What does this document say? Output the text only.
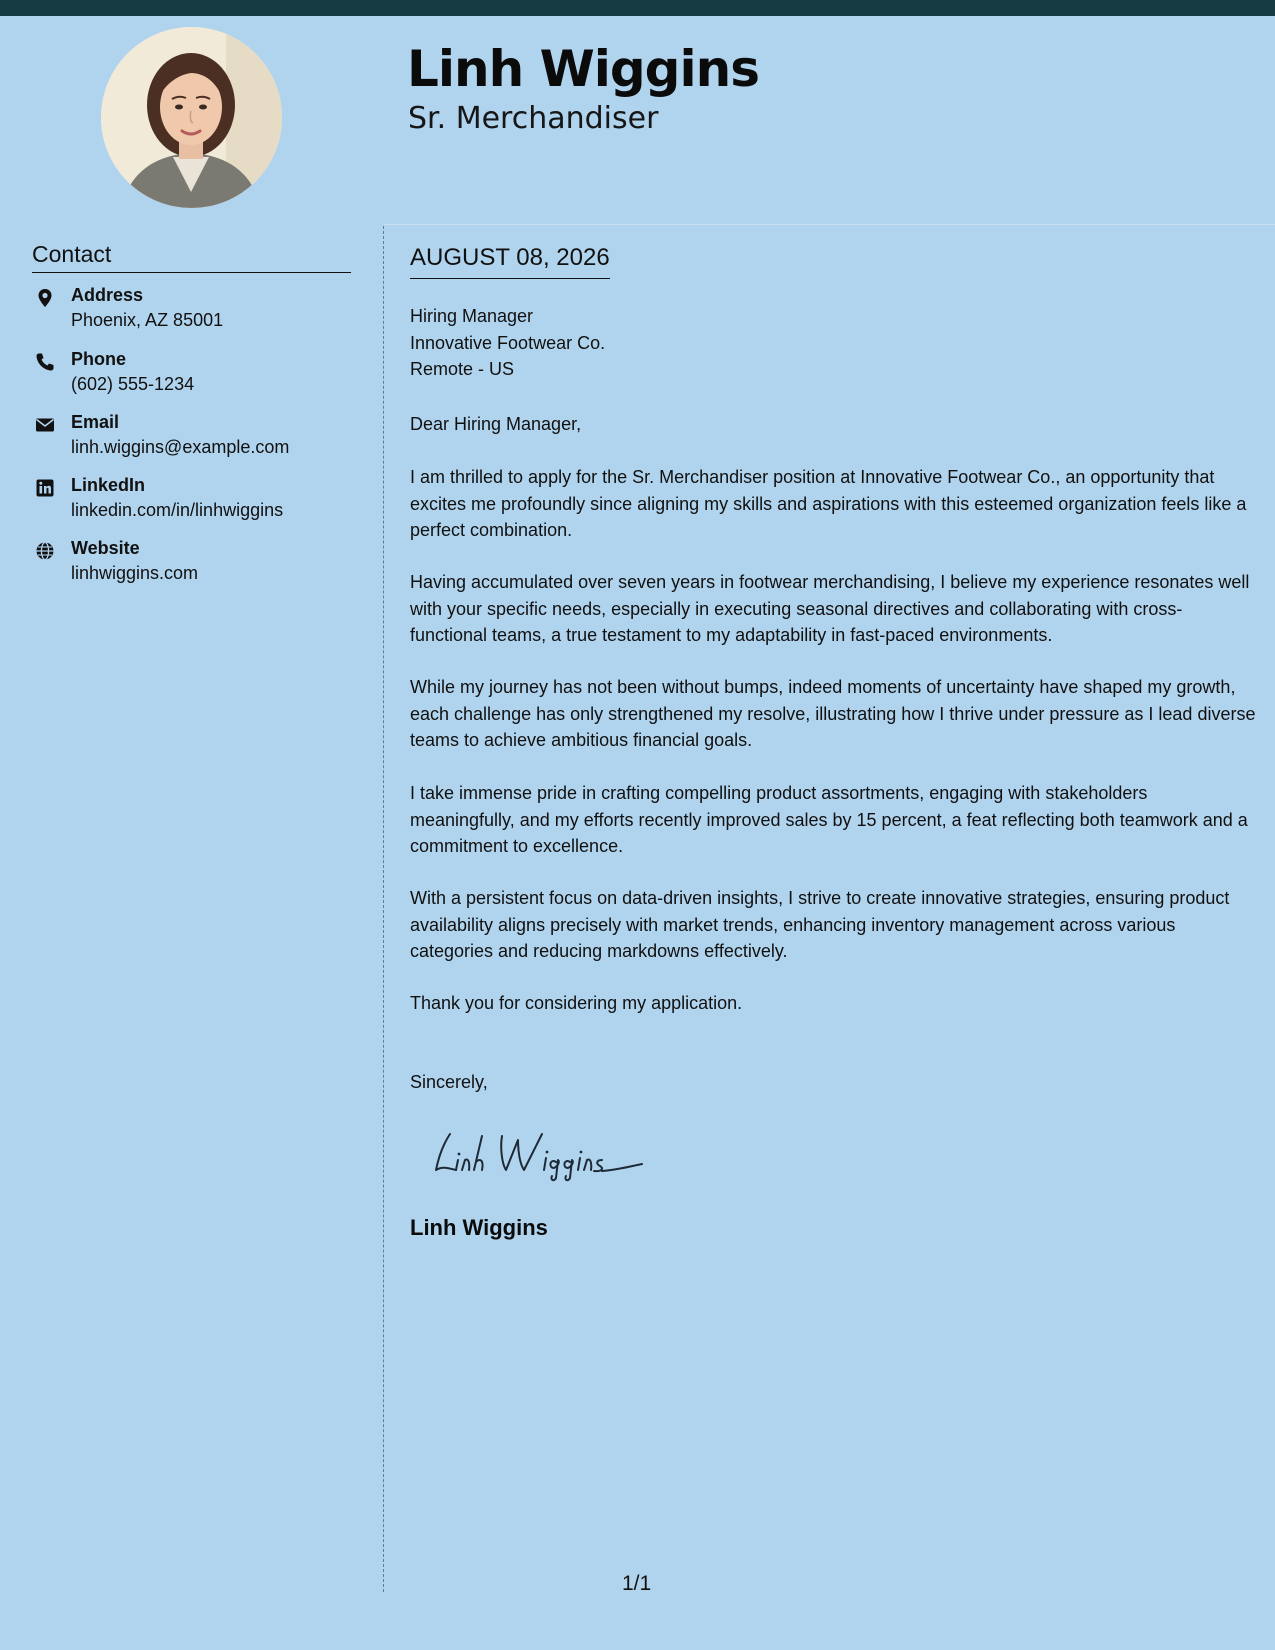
Linh Wiggins
Sr. Merchandiser
Contact
Address
Phoenix, AZ 85001
Phone
(602) 555-1234
Email
linh.wiggins@example.com
LinkedIn
linkedin.com/in/linhwiggins
Website
linhwiggins.com
AUGUST 08, 2026
Hiring Manager
Innovative Footwear Co.
Remote - US

Dear Hiring Manager,

I am thrilled to apply for the Sr. Merchandiser position at Innovative Footwear Co., an opportunity that excites me profoundly since aligning my skills and aspirations with this esteemed organization feels like a perfect combination.

Having accumulated over seven years in footwear merchandising, I believe my experience resonates well with your specific needs, especially in executing seasonal directives and collaborating with cross-functional teams, a true testament to my adaptability in fast-paced environments.

While my journey has not been without bumps, indeed moments of uncertainty have shaped my growth, each challenge has only strengthened my resolve, illustrating how I thrive under pressure as I lead diverse teams to achieve ambitious financial goals.

I take immense pride in crafting compelling product assortments, engaging with stakeholders meaningfully, and my efforts recently improved sales by 15 percent, a feat reflecting both teamwork and a commitment to excellence.

With a persistent focus on data-driven insights, I strive to create innovative strategies, ensuring product availability aligns precisely with market trends, enhancing inventory management across various categories and reducing markdowns effectively.

Thank you for considering my application.

Sincerely,

Linh Wiggins
1/1
